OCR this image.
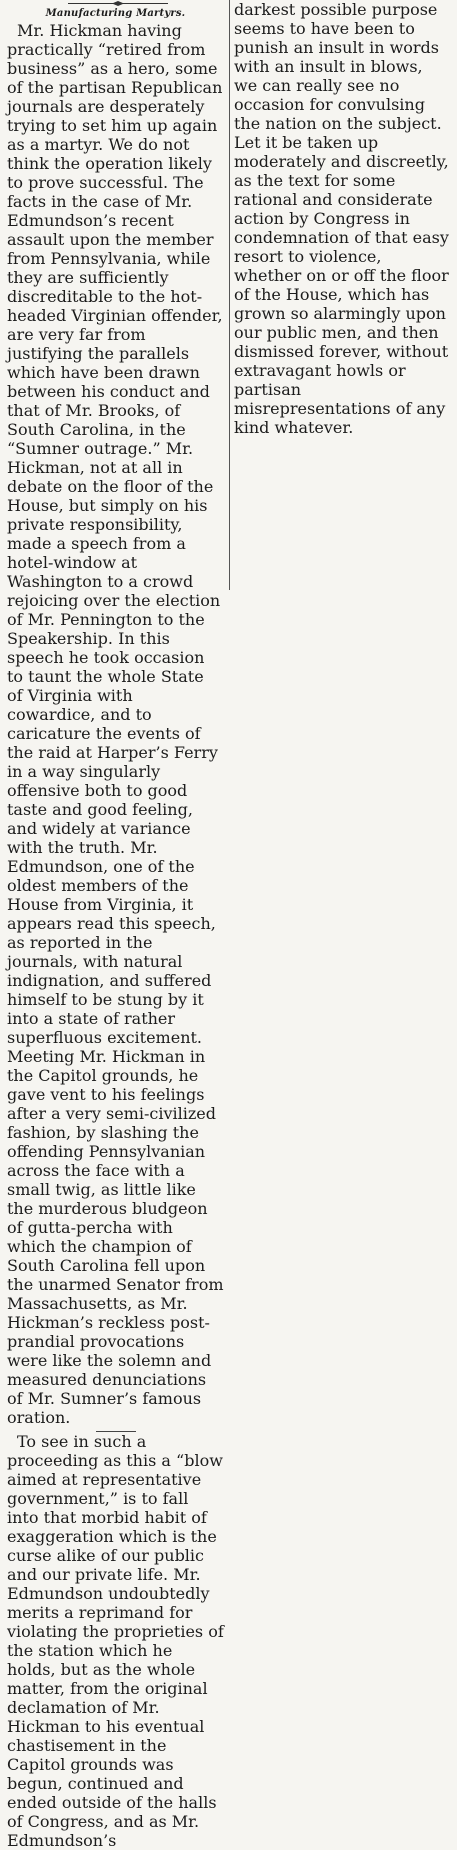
Manufacturing Martyrs.

Mr. Hickman having practically “retired from business” as a hero, some of the partisan Republican journals are desperately trying to set him up again as a martyr. We do not think the operation likely to prove successful. The facts in the case of Mr. Edmundson’s recent assault upon the member from Pennsylvania, while they are sufficiently discreditable to the hot-headed Virginian offender, are very far from justifying the parallels which have been drawn between his conduct and that of Mr. Brooks, of South Carolina, in the “Sumner outrage.” Mr. Hickman, not at all in debate on the floor of the House, but simply on his private responsibility, made a speech from a hotel-window at Washington to a crowd rejoicing over the election of Mr. Pennington to the Speakership. In this speech he took occasion to taunt the whole State of Virginia with cowardice, and to caricature the events of the raid at Harper’s Ferry in a way singularly offensive both to good taste and good feeling, and widely at variance with the truth. Mr. Edmundson, one of the oldest members of the House from Virginia, it appears read this speech, as reported in the journals, with natural indignation, and suffered himself to be stung by it into a state of rather superfluous excitement. Meeting Mr. Hickman in the Capitol grounds, he gave vent to his feelings after a very semi-civilized fashion, by slashing the offending Pennsylvanian across the face with a small twig, as little like the murderous bludgeon of gutta-percha with which the champion of South Carolina fell upon the unarmed Senator from Massachusetts, as Mr. Hickman’s reckless post-prandial provocations were like the solemn and measured denunciations of Mr. Sumner’s famous oration.

To see in such a proceeding as this a “blow aimed at representative government,” is to fall into that morbid habit of exaggeration which is the curse alike of our public and our private life. Mr. Edmundson undoubtedly merits a reprimand for violating the proprieties of the station which he holds, but as the whole matter, from the original declamation of Mr. Hickman to his eventual chastisement in the Capitol grounds was begun, continued and ended outside of the halls of Congress, and as Mr. Edmundson’s

darkest possible purpose seems to have been to punish an insult in words with an insult in blows, we can really see no occasion for convulsing the nation on the subject. Let it be taken up moderately and discreetly, as the text for some rational and considerate action by Congress in condemnation of that easy resort to violence, whether on or off the floor of the House, which has grown so alarmingly upon our public men, and then dismissed forever, without extravagant howls or partisan misrepresentations of any kind whatever.
